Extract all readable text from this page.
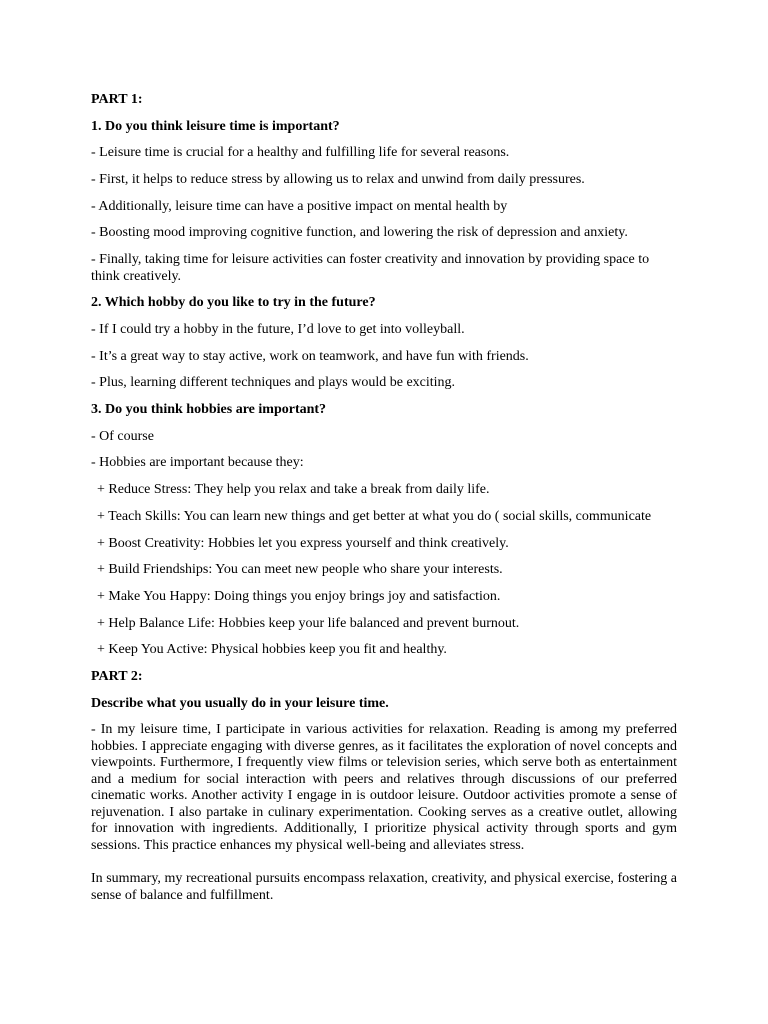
PART 1:
1. Do you think leisure time is important?
- Leisure time is crucial for a healthy and fulfilling life for several reasons.
- First, it helps to reduce stress by allowing us to relax and unwind from daily pressures.
- Additionally, leisure time can have a positive impact on mental health by
- Boosting mood improving cognitive function, and lowering the risk of depression and anxiety.
- Finally, taking time for leisure activities can foster creativity and innovation by providing space to think creatively.
2. Which hobby do you like to try in the future?
- If I could try a hobby in the future, I’d love to get into volleyball.
- It’s a great way to stay active, work on teamwork, and have fun with friends.
- Plus, learning different techniques and plays would be exciting.
3. Do you think hobbies are important?
- Of course
- Hobbies are important because they:
+ Reduce Stress: They help you relax and take a break from daily life.
+ Teach Skills: You can learn new things and get better at what you do ( social skills, communicate
+ Boost Creativity: Hobbies let you express yourself and think creatively.
+ Build Friendships: You can meet new people who share your interests.
+ Make You Happy: Doing things you enjoy brings joy and satisfaction.
+ Help Balance Life: Hobbies keep your life balanced and prevent burnout.
+ Keep You Active: Physical hobbies keep you fit and healthy.
PART 2:
Describe what you usually do in your leisure time.
- In my leisure time, I participate in various activities for relaxation. Reading is among my preferred hobbies. I appreciate engaging with diverse genres, as it facilitates the exploration of novel concepts and viewpoints. Furthermore, I frequently view films or television series, which serve both as entertainment and a medium for social interaction with peers and relatives through discussions of our preferred cinematic works. Another activity I engage in is outdoor leisure. Outdoor activities promote a sense of rejuvenation. I also partake in culinary experimentation. Cooking serves as a creative outlet, allowing for innovation with ingredients. Additionally, I prioritize physical activity through sports and gym sessions. This practice enhances my physical well-being and alleviates stress.
In summary, my recreational pursuits encompass relaxation, creativity, and physical exercise, fostering a sense of balance and fulfillment.
